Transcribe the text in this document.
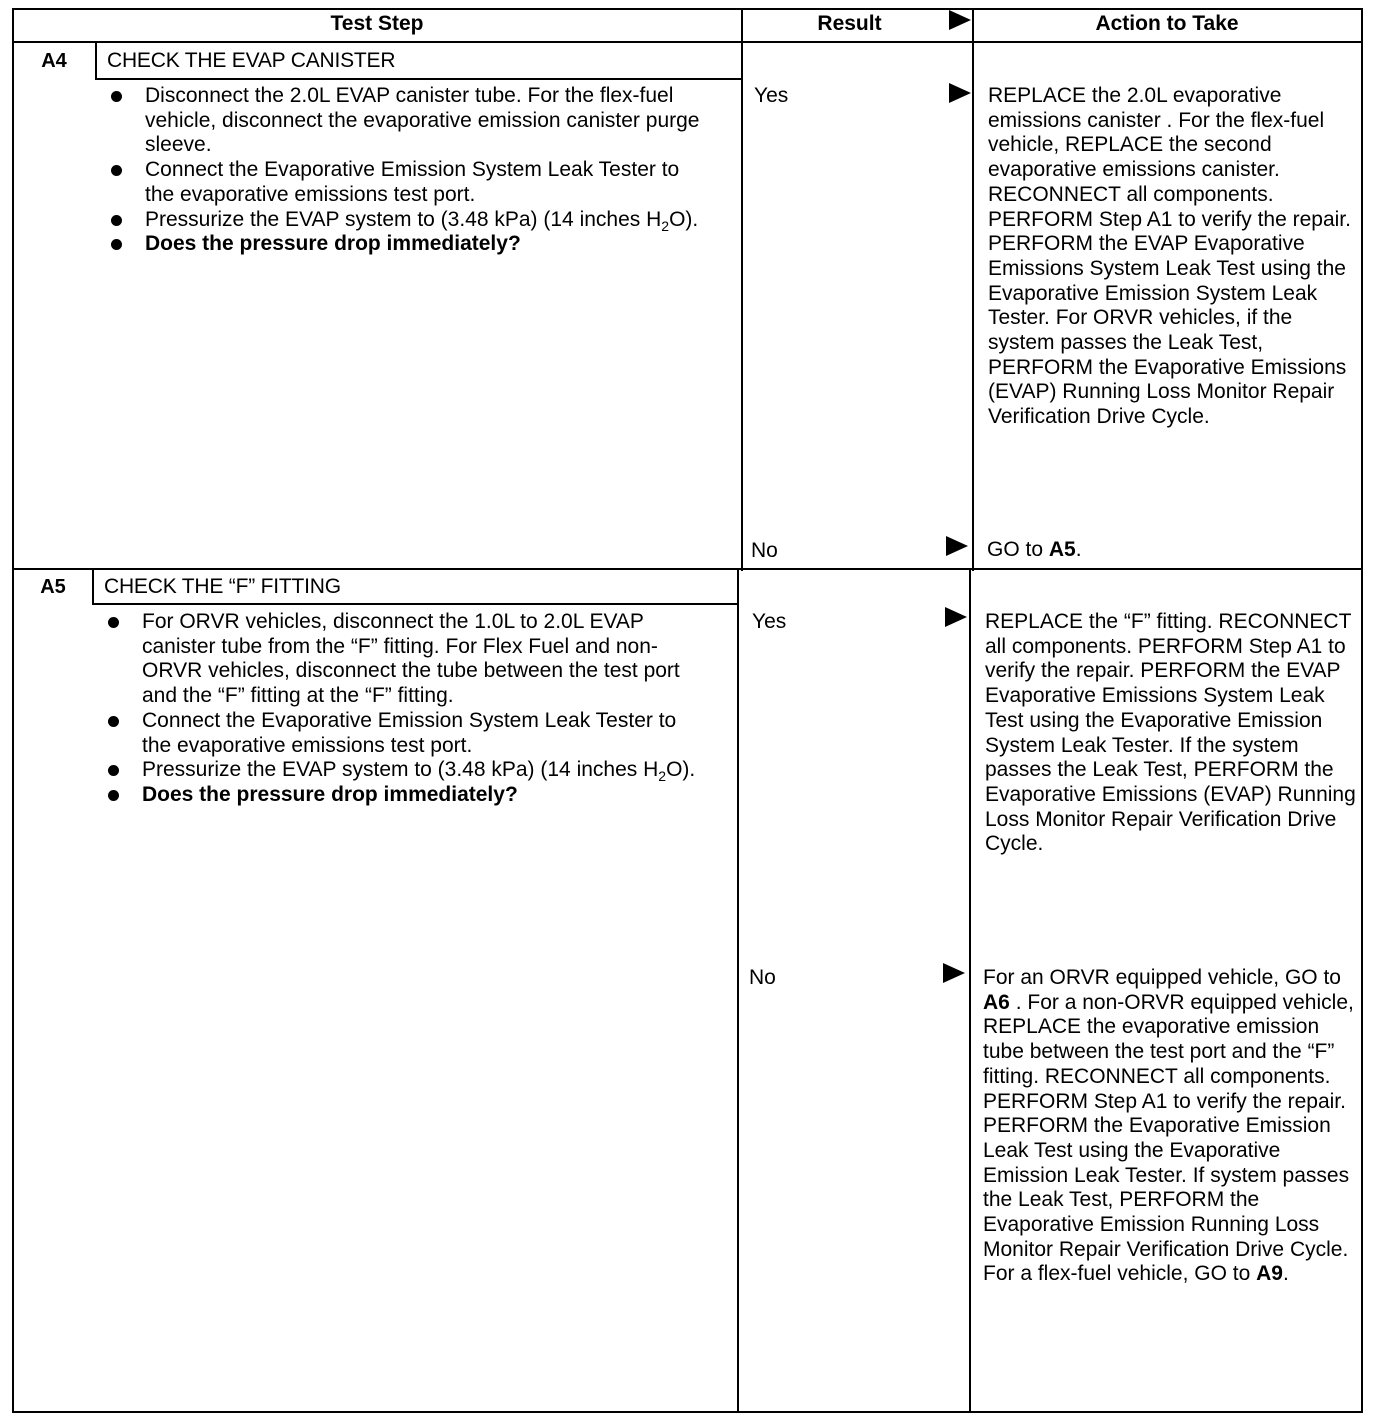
Test Step	Result	Action to Take
A4	CHECK THE EVAP CANISTER
Disconnect the 2.0L EVAP canister tube. For the flex-fuel vehicle, disconnect the evaporative emission canister purge sleeve.
Connect the Evaporative Emission System Leak Tester to the evaporative emissions test port.
Pressurize the EVAP system to (3.48 kPa) (14 inches $H_2O$).
Does the pressure drop immediately?
Yes	REPLACE the 2.0L evaporative emissions canister . For the flex-fuel vehicle, REPLACE the second evaporative emissions canister. RECONNECT all components. PERFORM Step A1 to verify the repair. PERFORM the EVAP Evaporative Emissions System Leak Test using the Evaporative Emission System Leak Tester. For ORVR vehicles, if the system passes the Leak Test, PERFORM the Evaporative Emissions (EVAP) Running Loss Monitor Repair Verification Drive Cycle.
No	GO to A5.
A5	CHECK THE “F” FITTING
For ORVR vehicles, disconnect the 1.0L to 2.0L EVAP canister tube from the “F” fitting. For Flex Fuel and non-ORVR vehicles, disconnect the tube between the test port and the “F” fitting at the “F” fitting.
Connect the Evaporative Emission System Leak Tester to the evaporative emissions test port.
Pressurize the EVAP system to (3.48 kPa) (14 inches $H_2O$).
Does the pressure drop immediately?
Yes	REPLACE the “F” fitting. RECONNECT all components. PERFORM Step A1 to verify the repair. PERFORM the EVAP Evaporative Emissions System Leak Test using the Evaporative Emission System Leak Tester. If the system passes the Leak Test, PERFORM the Evaporative Emissions (EVAP) Running Loss Monitor Repair Verification Drive Cycle.
No	For an ORVR equipped vehicle, GO to A6 . For a non-ORVR equipped vehicle, REPLACE the evaporative emission tube between the test port and the “F” fitting. RECONNECT all components. PERFORM Step A1 to verify the repair. PERFORM the Evaporative Emission Leak Test using the Evaporative Emission Leak Tester. If system passes the Leak Test, PERFORM the Evaporative Emission Running Loss Monitor Repair Verification Drive Cycle. For a flex-fuel vehicle, GO to A9.
